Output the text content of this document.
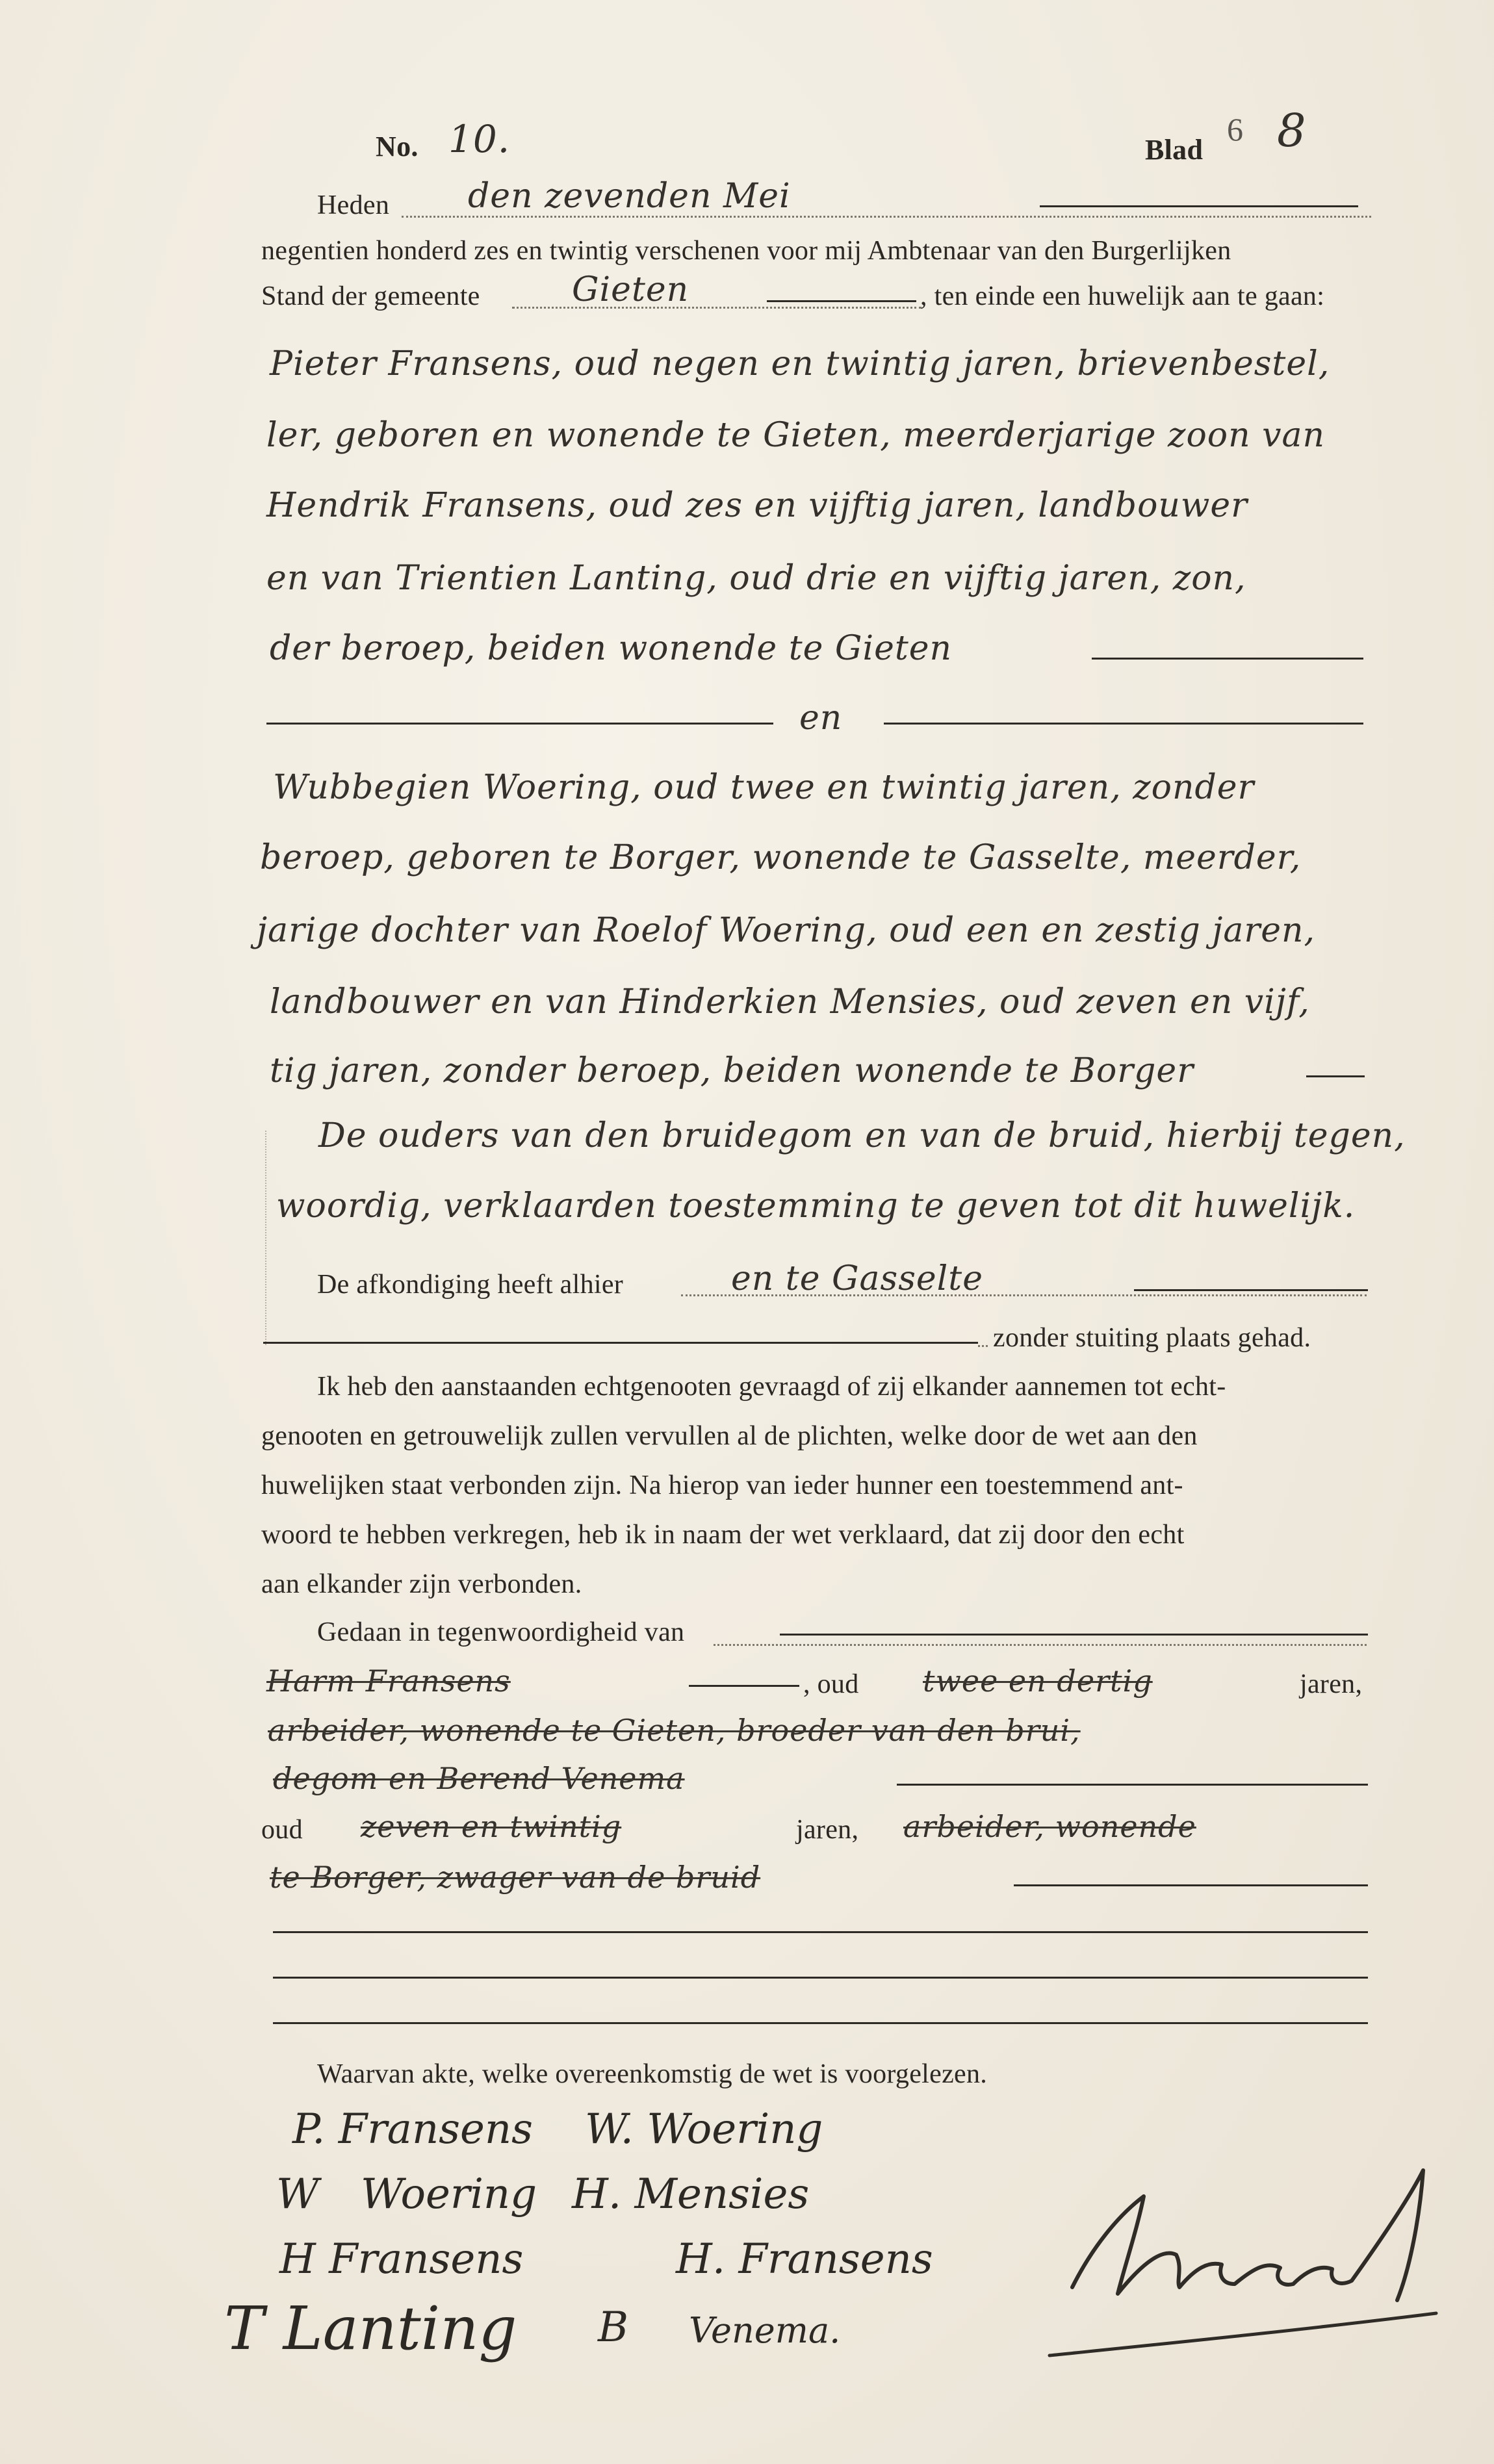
No. 10.	Blad
6 8
Heden den zevenden Mei
negentien honderd zes en twintig verschenen voor mij Ambtenaar van den Burgerlijken
Stand der gemeente	Gieten	, ten einde een huwelijk aan te gaan:
Pieter Fransens, oud negen en twintig jaren, brievenbestel,
ler, geboren en wonende te Gieten, meerderjarige zoon van
Hendrik Fransens, oud zes en vijftig jaren, landbouwer
en van Trientien Lanting, oud drie en vijftig jaren, zon,
der beroep, beiden wonende te Gieten
en
Wubbegien Woering, oud twee en twintig jaren, zonder
beroep, geboren te Borger, wonende te Gasselte, meerder,
jarige dochter van Roelof Woering, oud een en zestig jaren,
landbouwer en van Hinderkien Mensies, oud zeven en vijf,
tig jaren, zonder beroep, beiden wonende te Borger
De ouders van den bruidegom en van de bruid, hierbij tegen,
woordig, verklaarden toestemming te geven tot dit huwelijk.
De afkondiging heeft alhier	en te Gasselte
zonder stuiting plaats gehad.
Ik heb den aanstaanden echtgenooten gevraagd of zij elkander aannemen tot echt-
genooten en getrouwelijk zullen vervullen al de plichten, welke door de wet aan den
huwelijken staat verbonden zijn. Na hierop van ieder hunner een toestemmend ant-
woord te hebben verkregen, heb ik in naam der wet verklaard, dat zij door den echt
aan elkander zijn verbonden.
Gedaan in tegenwoordigheid van
Harm Fransens	, oud twee en dertig	jaren,
arbeider, wonende te Gieten, broeder van den brui,
degom en Berend Venema
oud zeven en twintig	jaren, arbeider, wonende
te Borger, zwager van de bruid
Waarvan akte, welke overeenkomstig de wet is voorgelezen.
P. Fransens W. Woering
W Woering H. Mensies
H Fransens	H. Fransens
T Lanting B Venema.
